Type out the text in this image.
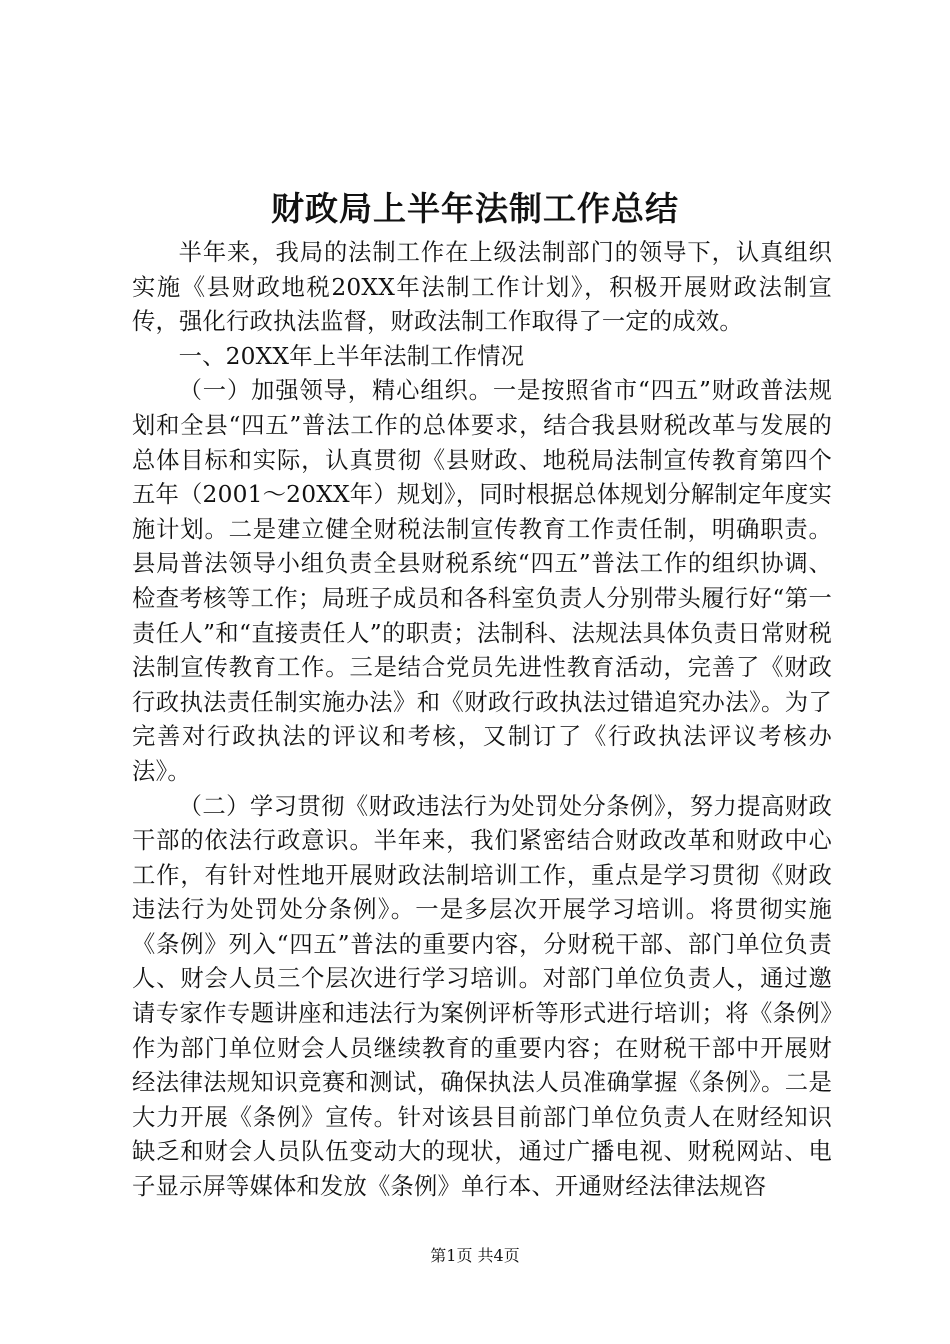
财政局上半年法制工作总结

半年来，我局的法制工作在上级法制部门的领导下，认真组织实施《县财政地税20XX年法制工作计划》，积极开展财政法制宣传，强化行政执法监督，财政法制工作取得了一定的成效。

一、20XX年上半年法制工作情况

（一）加强领导，精心组织。一是按照省市“四五”财政普法规划和全县“四五”普法工作的总体要求，结合我县财税改革与发展的总体目标和实际，认真贯彻《县财政、地税局法制宣传教育第四个五年（2001～20XX年）规划》，同时根据总体规划分解制定年度实施计划。二是建立健全财税法制宣传教育工作责任制，明确职责。县局普法领导小组负责全县财税系统“四五”普法工作的组织协调、检查考核等工作；局班子成员和各科室负责人分别带头履行好“第一责任人”和“直接责任人”的职责；法制科、法规法具体负责日常财税法制宣传教育工作。三是结合党员先进性教育活动，完善了《财政行政执法责任制实施办法》和《财政行政执法过错追究办法》。为了完善对行政执法的评议和考核，又制订了《行政执法评议考核办法》。

（二）学习贯彻《财政违法行为处罚处分条例》，努力提高财政干部的依法行政意识。半年来，我们紧密结合财政改革和财政中心工作，有针对性地开展财政法制培训工作，重点是学习贯彻《财政违法行为处罚处分条例》。一是多层次开展学习培训。将贯彻实施《条例》列入“四五”普法的重要内容，分财税干部、部门单位负责人、财会人员三个层次进行学习培训。对部门单位负责人，通过邀请专家作专题讲座和违法行为案例评析等形式进行培训；将《条例》作为部门单位财会人员继续教育的重要内容；在财税干部中开展财经法律法规知识竞赛和测试，确保执法人员准确掌握《条例》。二是大力开展《条例》宣传。针对该县目前部门单位负责人在财经知识缺乏和财会人员队伍变动大的现状，通过广播电视、财税网站、电子显示屏等媒体和发放《条例》单行本、开通财经法律法规咨

第1页 共4页
